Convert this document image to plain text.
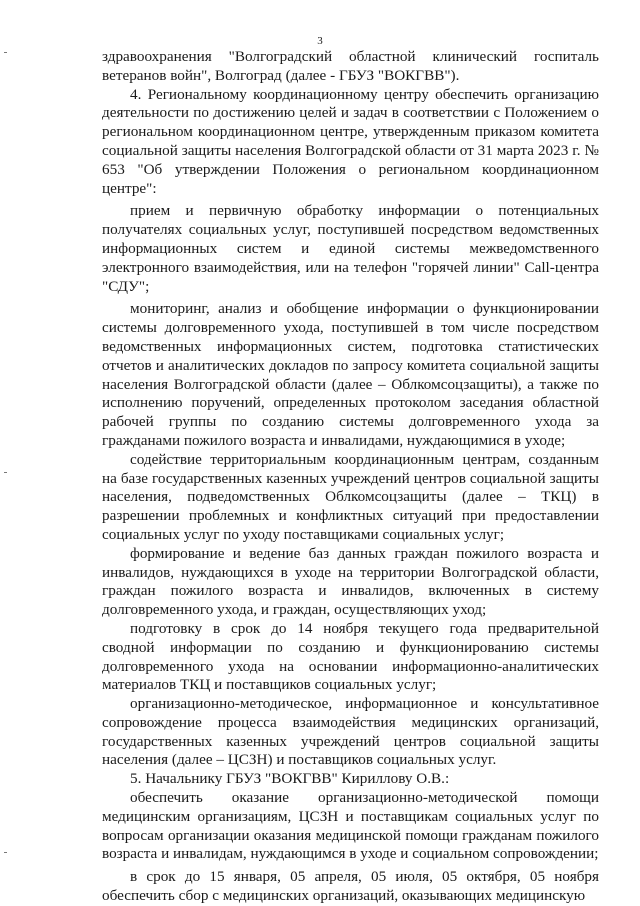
3

здравоохранения "Волгоградский областной клинический госпиталь ветеранов войн", Волгоград (далее - ГБУЗ "ВОКГВВ").

4. Региональному координационному центру обеспечить организацию деятельности по достижению целей и задач в соответствии с Положением о региональном координационном центре, утвержденным приказом комитета социальной защиты населения Волгоградской области от 31 марта 2023 г. № 653 "Об утверждении Положения о региональном координационном центре":

прием и первичную обработку информации о потенциальных получателях социальных услуг, поступившей посредством ведомственных информационных систем и единой системы межведомственного электронного взаимодействия, или на телефон "горячей линии" Call-центра "СДУ";

мониторинг, анализ и обобщение информации о функционировании системы долговременного ухода, поступившей в том числе посредством ведомственных информационных систем, подготовка статистических отчетов и аналитических докладов по запросу комитета социальной защиты населения Волгоградской области (далее – Облкомсоцзащиты), а также по исполнению поручений, определенных протоколом заседания областной рабочей группы по созданию системы долговременного ухода за гражданами пожилого возраста и инвалидами, нуждающимися в уходе;

содействие территориальным координационным центрам, созданным на базе государственных казенных учреждений центров социальной защиты населения, подведомственных Облкомсоцзащиты (далее – ТКЦ) в разрешении проблемных и конфликтных ситуаций при предоставлении социальных услуг по уходу поставщиками социальных услуг;

формирование и ведение баз данных граждан пожилого возраста и инвалидов, нуждающихся в уходе на территории Волгоградской области, граждан пожилого возраста и инвалидов, включенных в систему долговременного ухода, и граждан, осуществляющих уход;

подготовку в срок до 14 ноября текущего года предварительной сводной информации по созданию и функционированию системы долговременного ухода на основании информационно-аналитических материалов ТКЦ и поставщиков социальных услуг;

организационно-методическое, информационное и консультативное сопровождение процесса взаимодействия медицинских организаций, государственных казенных учреждений центров социальной защиты населения (далее – ЦСЗН) и поставщиков социальных услуг.

5. Начальнику ГБУЗ "ВОКГВВ" Кириллову О.В.:

обеспечить оказание организационно-методической помощи медицинским организациям, ЦСЗН и поставщикам социальных услуг по вопросам организации оказания медицинской помощи гражданам пожилого возраста и инвалидам, нуждающимся в уходе и социальном сопровождении;

в срок до 15 января, 05 апреля, 05 июля, 05 октября, 05 ноября обеспечить сбор с медицинских организаций, оказывающих медицинскую
